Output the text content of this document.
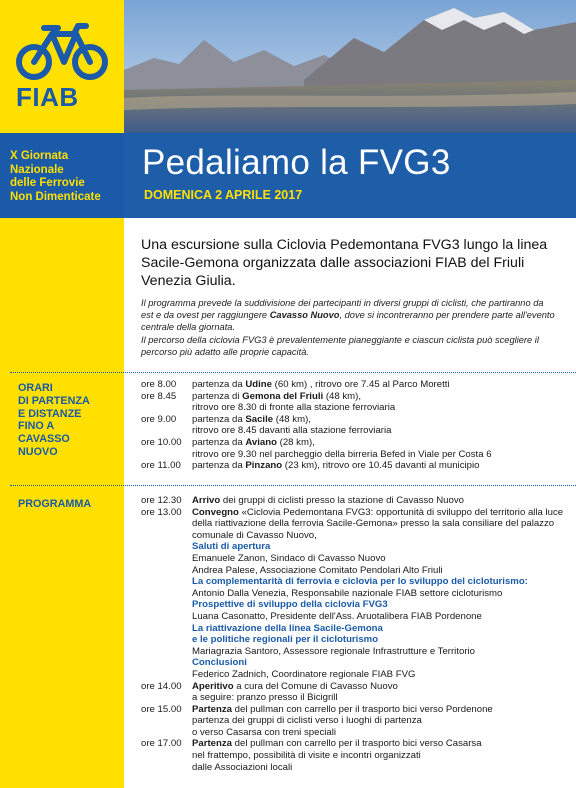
FIAB
X Giornata
Nazionale
delle Ferrovie
Non Dimenticate
Pedaliamo la FVG3
DOMENICA 2 APRILE 2017
Una escursione sulla Ciclovia Pedemontana FVG3 lungo la linea Sacile-Gemona organizzata dalle associazioni FIAB del Friuli Venezia Giulia.
Il programma prevede la suddivisione dei partecipanti in diversi gruppi di ciclisti, che partiranno da est e da ovest per raggiungere Cavasso Nuovo, dove si incontreranno per prendere parte all'evento centrale della giornata.
Il percorso della ciclovia FVG3 è prevalentemente pianeggiante e ciascun ciclista può scegliere il percorso più adatto alle proprie capacità.
ORARI
DI PARTENZA
E DISTANZE
FINO A
CAVASSO
NUOVO
ore 8.00	partenza da Udine (60 km) , ritrovo ore 7.45 al Parco Moretti
ore 8.45	partenza di Gemona del Friuli (48 km),
ritrovo ore 8.30 di fronte alla stazione ferroviaria
ore 9.00	partenza da Sacile (48 km),
ritrovo ore 8.45 davanti alla stazione ferroviaria
ore 10.00	partenza da Aviano (28 km),
ritrovo ore 9.30 nel parcheggio della birreria Befed in Viale per Costa 6
ore 11.00	partenza da Pinzano (23 km), ritrovo ore 10.45 davanti al municipio
PROGRAMMA	ore 12.30	Arrivo dei gruppi di ciclisti presso la stazione di Cavasso Nuovo
ore 13.00	Convegno «Ciclovia Pedemontana FVG3: opportunità di sviluppo del territorio alla luce della riattivazione della ferrovia Sacile-Gemona» presso la sala consiliare del palazzo comunale di Cavasso Nuovo,
Saluti di apertura
Emanuele Zanon, Sindaco di Cavasso Nuovo
Andrea Palese, Associazione Comitato Pendolari Alto Friuli
La complementarità di ferrovia e ciclovia per lo sviluppo del cicloturismo:
Antonio Dalla Venezia, Responsabile nazionale FIAB settore cicloturismo
Prospettive di sviluppo della ciclovia FVG3
Luana Casonatto, Presidente dell'Ass. Aruotalibera FIAB Pordenone
La riattivazione della linea Sacile-Gemona
e le politiche regionali per il cicloturismo
Mariagrazia Santoro, Assessore regionale Infrastrutture e Territorio
Conclusioni
Federico Zadnich, Coordinatore regionale FIAB FVG
ore 14.00	Aperitivo a cura del Comune di Cavasso Nuovo
a seguire: pranzo presso il Bicigrill
ore 15.00	Partenza del pullman con carrello per il trasporto bici verso Pordenone
partenza dei gruppi di ciclisti verso i luoghi di partenza
o verso Casarsa con treni speciali
ore 17.00	Partenza del pullman con carrello per il trasporto bici verso Casarsa
nel frattempo, possibilità di visite e incontri organizzati
dalle Associazioni locali
